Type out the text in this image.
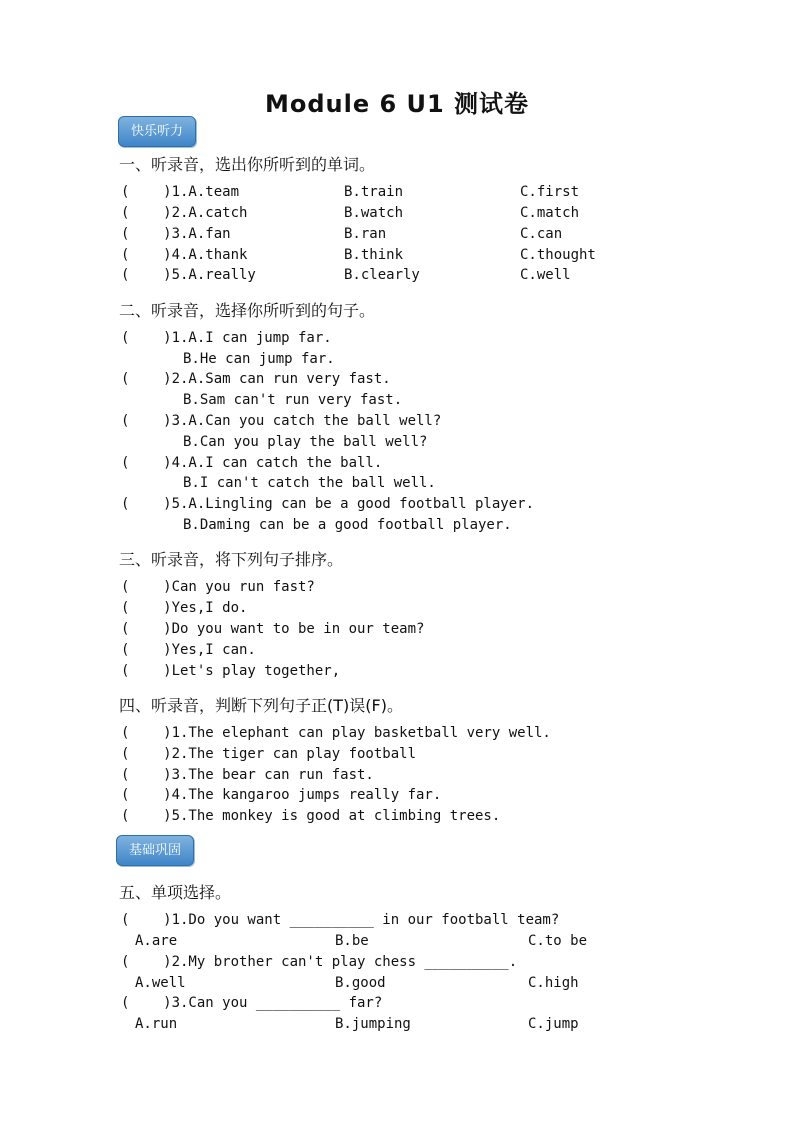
Module 6 U1 测试卷
快乐听力
一、听录音，选出你所听到的单词。
(    )1.A.team	B.train	C.first
(    )2.A.catch	B.watch	C.match
(    )3.A.fan	B.ran	C.can
(    )4.A.thank	B.think	C.thought
(    )5.A.really	B.clearly	C.well
二、听录音，选择你所听到的句子。
(    )1.A.I can jump far.
B.He can jump far.
(    )2.A.Sam can run very fast.
B.Sam can't run very fast.
(    )3.A.Can you catch the ball well?
B.Can you play the ball well?
(    )4.A.I can catch the ball.
B.I can't catch the ball well.
(    )5.A.Lingling can be a good football player.
B.Daming can be a good football player.
三、听录音，将下列句子排序。
(    )Can you run fast?
(    )Yes,I do.
(    )Do you want to be in our team?
(    )Yes,I can.
(    )Let's play together,
四、听录音，判断下列句子正(T)误(F)。
(    )1.The elephant can play basketball very well.
(    )2.The tiger can play football
(    )3.The bear can run fast.
(    )4.The kangaroo jumps really far.
(    )5.The monkey is good at climbing trees.
基础巩固
五、单项选择。
(    )1.Do you want __________ in our football team?
A.are	B.be	C.to be
(    )2.My brother can't play chess __________.
A.well	B.good	C.high
(    )3.Can you __________ far?
A.run	B.jumping	C.jump
